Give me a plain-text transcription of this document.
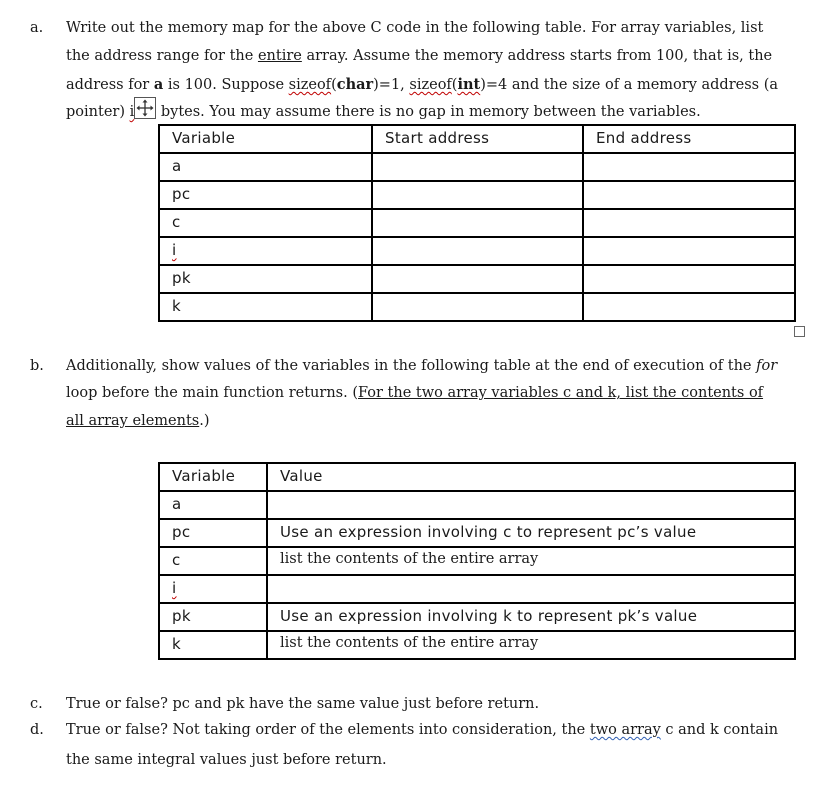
a. Write out the memory map for the above C code in the following table. For array variables, list
the address range for the entire array. Assume the memory address starts from 100, that is, the
address for a is 100. Suppose sizeof(char)=1, sizeof(int)=4 and the size of a memory address (a
pointer) i bytes. You may assume there is no gap in memory between the variables.
Variable	Start address	End address

a		

pc		

c		

i		

pk		

k		

b. Additionally, show values of the variables in the following table at the end of execution of the for
loop before the main function returns. (For the two array variables c and k, list the contents of
all array elements.)
Variable	Value

a	

pc	Use an expression involving c to represent pc’s value

c	list the contents of the entire array

i	

pk	Use an expression involving k to represent pk’s value

k	list the contents of the entire array
c. True or false? pc and pk have the same value just before return.
d. True or false? Not taking order of the elements into consideration, the two array c and k contain
the same integral values just before return.
